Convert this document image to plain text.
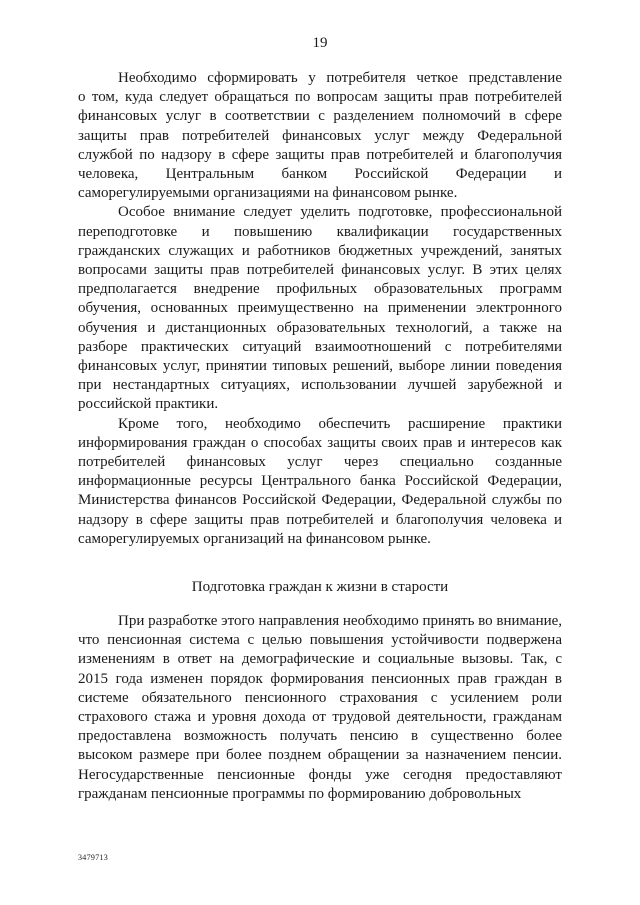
19

Необходимо сформировать у потребителя четкое представление
о том, куда следует обращаться по вопросам защиты прав потребителей
финансовых услуг в соответствии с разделением полномочий в сфере
защиты прав потребителей финансовых услуг между Федеральной
службой по надзору в сфере защиты прав потребителей и благополучия
человека, Центральным банком Российской Федерации и
саморегулируемыми организациями на финансовом рынке.

Особое внимание следует уделить подготовке, профессиональной
переподготовке и повышению квалификации государственных
гражданских служащих и работников бюджетных учреждений, занятых
вопросами защиты прав потребителей финансовых услуг. В этих целях
предполагается внедрение профильных образовательных программ
обучения, основанных преимущественно на применении электронного
обучения и дистанционных образовательных технологий, а также на
разборе практических ситуаций взаимоотношений с потребителями
финансовых услуг, принятии типовых решений, выборе линии поведения
при нестандартных ситуациях, использовании лучшей зарубежной и
российской практики.

Кроме того, необходимо обеспечить расширение практики
информирования граждан о способах защиты своих прав и интересов как
потребителей финансовых услуг через специально созданные
информационные ресурсы Центрального банка Российской Федерации,
Министерства финансов Российской Федерации, Федеральной службы по
надзору в сфере защиты прав потребителей и благополучия человека и
саморегулируемых организаций на финансовом рынке.

Подготовка граждан к жизни в старости

При разработке этого направления необходимо принять во внимание,
что пенсионная система с целью повышения устойчивости подвержена
изменениям в ответ на демографические и социальные вызовы. Так, с
2015 года изменен порядок формирования пенсионных прав граждан в
системе обязательного пенсионного страхования с усилением роли
страхового стажа и уровня дохода от трудовой деятельности, гражданам
предоставлена возможность получать пенсию в существенно более
высоком размере при более позднем обращении за назначением пенсии.
Негосударственные пенсионные фонды уже сегодня предоставляют
гражданам пенсионные программы по формированию добровольных

3479713
